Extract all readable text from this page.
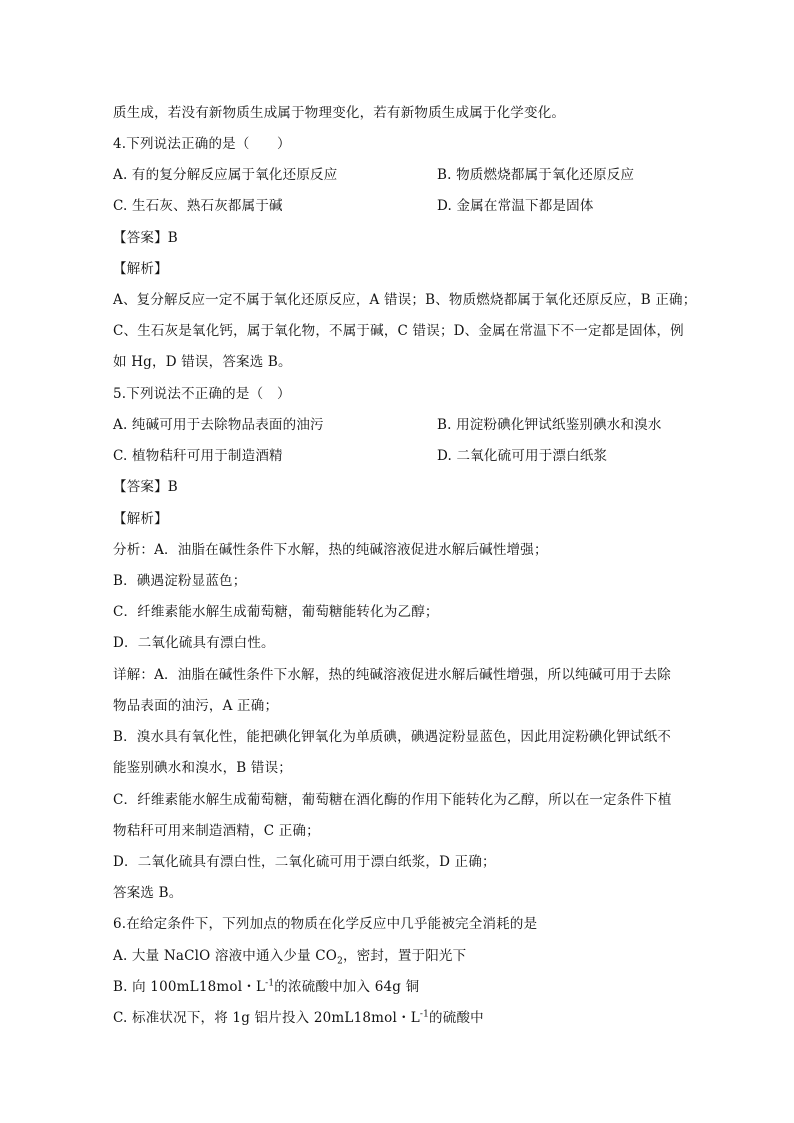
质生成，若没有新物质生成属于物理变化，若有新物质生成属于化学变化。
4.下列说法正确的是（　　）
A. 有的复分解反应属于氧化还原反应	B. 物质燃烧都属于氧化还原反应
C. 生石灰、熟石灰都属于碱	D. 金属在常温下都是固体
【答案】B
【解析】
A、复分解反应一定不属于氧化还原反应，A 错误；B、物质燃烧都属于氧化还原反应，B 正确；
C、生石灰是氧化钙，属于氧化物，不属于碱，C 错误；D、金属在常温下不一定都是固体，例
如 Hg，D 错误，答案选 B。
5.下列说法不正确的是（　）
A. 纯碱可用于去除物品表面的油污	B. 用淀粉碘化钾试纸鉴别碘水和溴水
C. 植物秸秆可用于制造酒精	D. 二氧化硫可用于漂白纸浆
【答案】B
【解析】
分析：A．油脂在碱性条件下水解，热的纯碱溶液促进水解后碱性增强；
B．碘遇淀粉显蓝色；
C．纤维素能水解生成葡萄糖，葡萄糖能转化为乙醇；
D．二氧化硫具有漂白性。
详解：A．油脂在碱性条件下水解，热的纯碱溶液促进水解后碱性增强，所以纯碱可用于去除
物品表面的油污，A 正确；
B．溴水具有氧化性，能把碘化钾氧化为单质碘，碘遇淀粉显蓝色，因此用淀粉碘化钾试纸不
能鉴别碘水和溴水，B 错误；
C．纤维素能水解生成葡萄糖，葡萄糖在酒化酶的作用下能转化为乙醇，所以在一定条件下植
物秸秆可用来制造酒精，C 正确；
D．二氧化硫具有漂白性，二氧化硫可用于漂白纸浆，D 正确；
答案选 B。
6.在给定条件下，下列加点的物质在化学反应中几乎能被完全消耗的是
A. 大量 NaClO 溶液中通入少量 $CO_2$，密封，置于阳光下
B. 向 100mL18mol・$L^{-1}$的浓硫酸中加入 64g 铜
C. 标准状况下，将 1g 铝片投入 20mL18mol・$L^{-1}$的硫酸中
